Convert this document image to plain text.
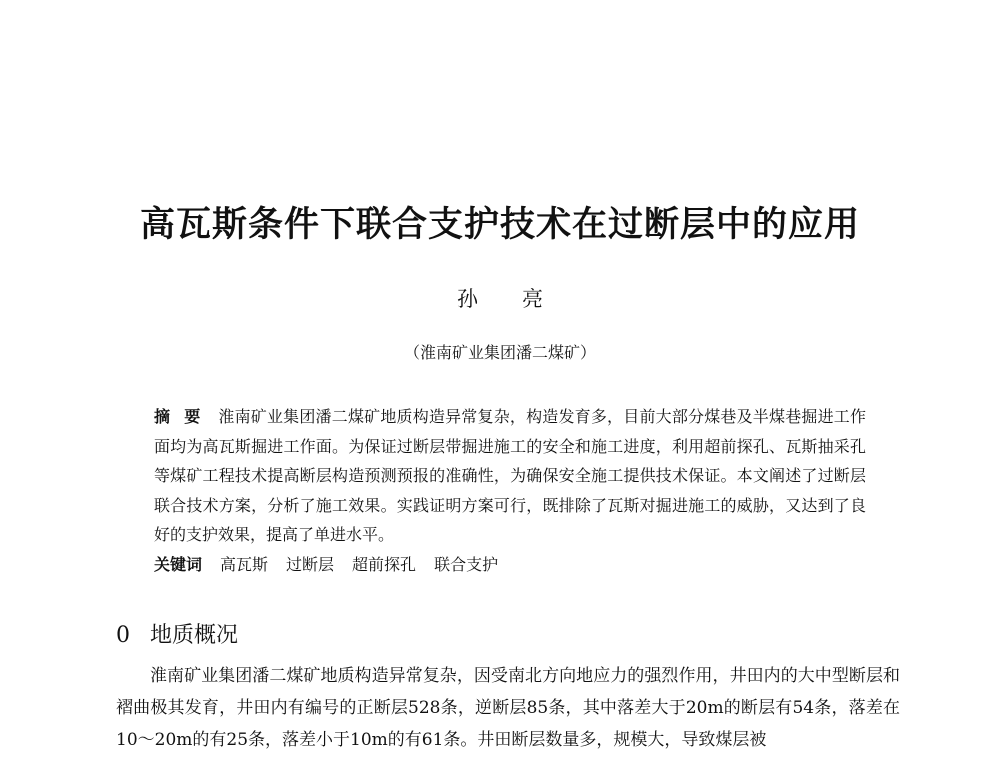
高瓦斯条件下联合支护技术在过断层中的应用
孙亮
（淮南矿业集团潘二煤矿）

摘要 淮南矿业集团潘二煤矿地质构造异常复杂，构造发育多，目前大部分煤巷及半煤巷掘进工作面均为高瓦斯掘进工作面。为保证过断层带掘进施工的安全和施工进度，利用超前探孔、瓦斯抽采孔等煤矿工程技术提高断层构造预测预报的准确性，为确保安全施工提供技术保证。本文阐述了过断层联合技术方案，分析了施工效果。实践证明方案可行，既排除了瓦斯对掘进施工的威胁，又达到了良好的支护效果，提高了单进水平。

关键词 高瓦斯 过断层 超前探孔 联合支护

0 地质概况

淮南矿业集团潘二煤矿地质构造异常复杂，因受南北方向地应力的强烈作用，井田内的大中型断层和褶曲极其发育，井田内有编号的正断层528条，逆断层85条，其中落差大于20m的断层有54条，落差在10～20m的有25条，落差小于10m的有61条。井田断层数量多，规模大，导致煤层被
